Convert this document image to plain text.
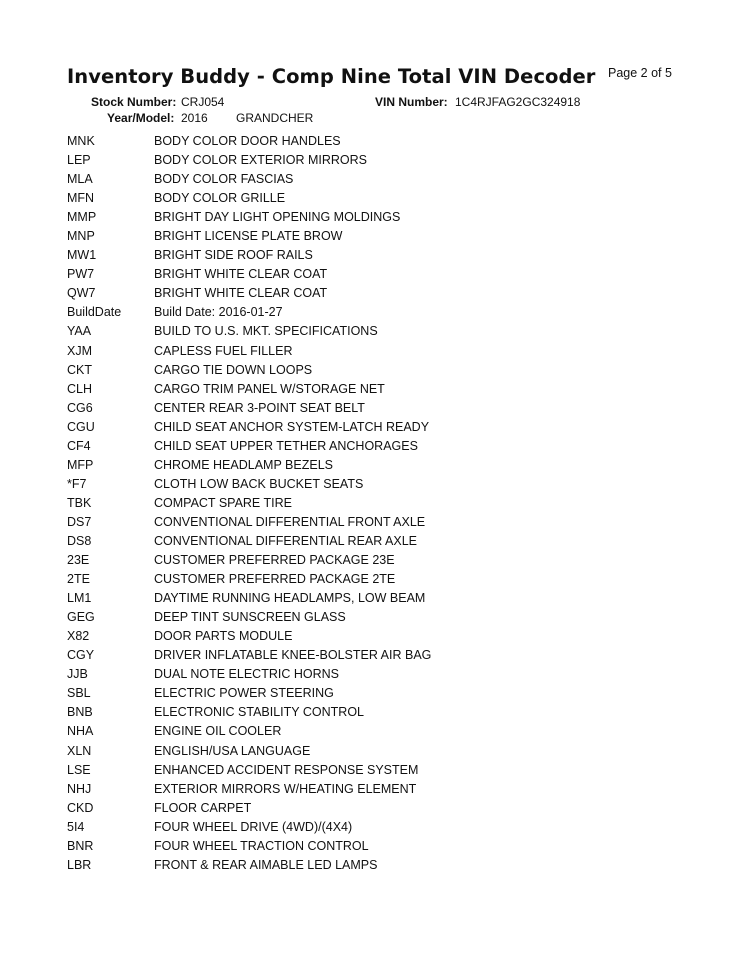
Inventory Buddy - Comp Nine Total VIN Decoder Page 2 of 5
Stock Number: CRJ054	VIN Number: 1C4RJFAG2GC324918
Year/Model: 2016 GRANDCHER
MNK	BODY COLOR DOOR HANDLES
LEP	BODY COLOR EXTERIOR MIRRORS
MLA	BODY COLOR FASCIAS
MFN	BODY COLOR GRILLE
MMP	BRIGHT DAY LIGHT OPENING MOLDINGS
MNP	BRIGHT LICENSE PLATE BROW
MW1	BRIGHT SIDE ROOF RAILS
PW7	BRIGHT WHITE CLEAR COAT
QW7	BRIGHT WHITE CLEAR COAT
BuildDate	Build Date: 2016-01-27
YAA	BUILD TO U.S. MKT. SPECIFICATIONS
XJM	CAPLESS FUEL FILLER
CKT	CARGO TIE DOWN LOOPS
CLH	CARGO TRIM PANEL W/STORAGE NET
CG6	CENTER REAR 3-POINT SEAT BELT
CGU	CHILD SEAT ANCHOR SYSTEM-LATCH READY
CF4	CHILD SEAT UPPER TETHER ANCHORAGES
MFP	CHROME HEADLAMP BEZELS
*F7	CLOTH LOW BACK BUCKET SEATS
TBK	COMPACT SPARE TIRE
DS7	CONVENTIONAL DIFFERENTIAL FRONT AXLE
DS8	CONVENTIONAL DIFFERENTIAL REAR AXLE
23E	CUSTOMER PREFERRED PACKAGE 23E
2TE	CUSTOMER PREFERRED PACKAGE 2TE
LM1	DAYTIME RUNNING HEADLAMPS, LOW BEAM
GEG	DEEP TINT SUNSCREEN GLASS
X82	DOOR PARTS MODULE
CGY	DRIVER INFLATABLE KNEE-BOLSTER AIR BAG
JJB	DUAL NOTE ELECTRIC HORNS
SBL	ELECTRIC POWER STEERING
BNB	ELECTRONIC STABILITY CONTROL
NHA	ENGINE OIL COOLER
XLN	ENGLISH/USA LANGUAGE
LSE	ENHANCED ACCIDENT RESPONSE SYSTEM
NHJ	EXTERIOR MIRRORS W/HEATING ELEMENT
CKD	FLOOR CARPET
5I4	FOUR WHEEL DRIVE (4WD)/(4X4)
BNR	FOUR WHEEL TRACTION CONTROL
LBR	FRONT & REAR AIMABLE LED LAMPS
